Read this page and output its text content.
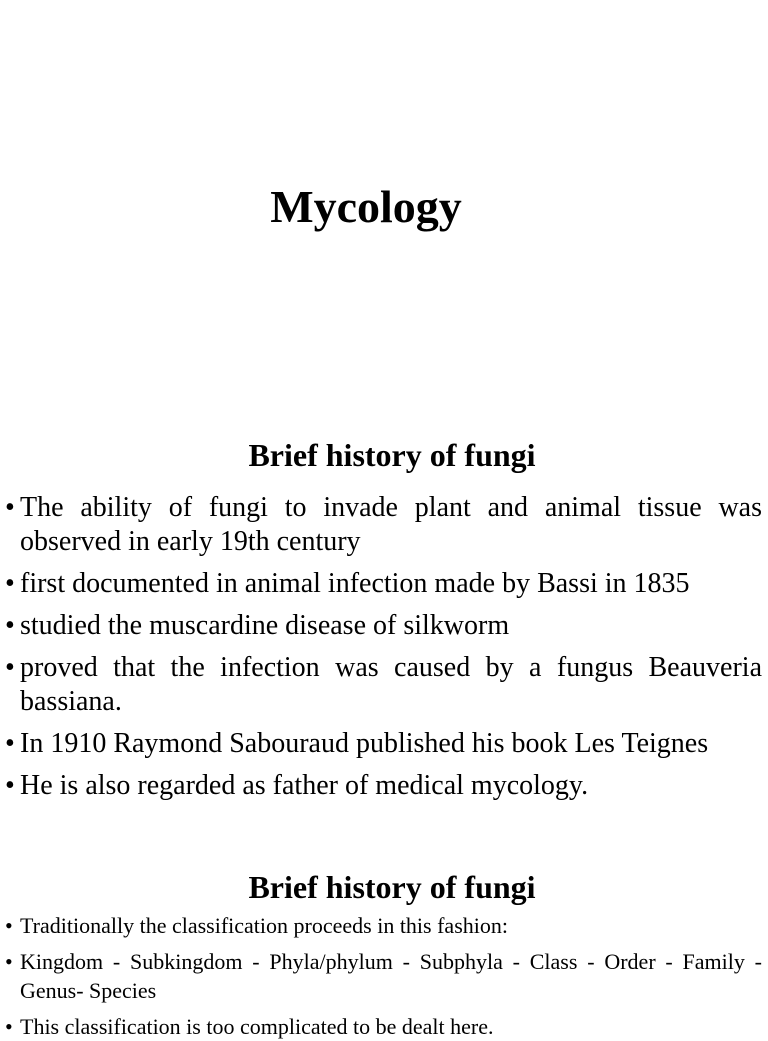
Mycology
Brief history of fungi
• The ability of fungi to invade plant and animal tissue was observed in early 19th century
• first documented in animal infection made by Bassi in 1835
• studied the muscardine disease of silkworm
• proved that the infection was caused by a fungus Beauveria bassiana.
• In 1910 Raymond Sabouraud published his book Les Teignes
• He is also regarded as father of medical mycology.
Brief history of fungi
• Traditionally the classification proceeds in this fashion:
• Kingdom - Subkingdom - Phyla/phylum - Subphyla - Class - Order - Family - Genus- Species
• This classification is too complicated to be dealt here.
